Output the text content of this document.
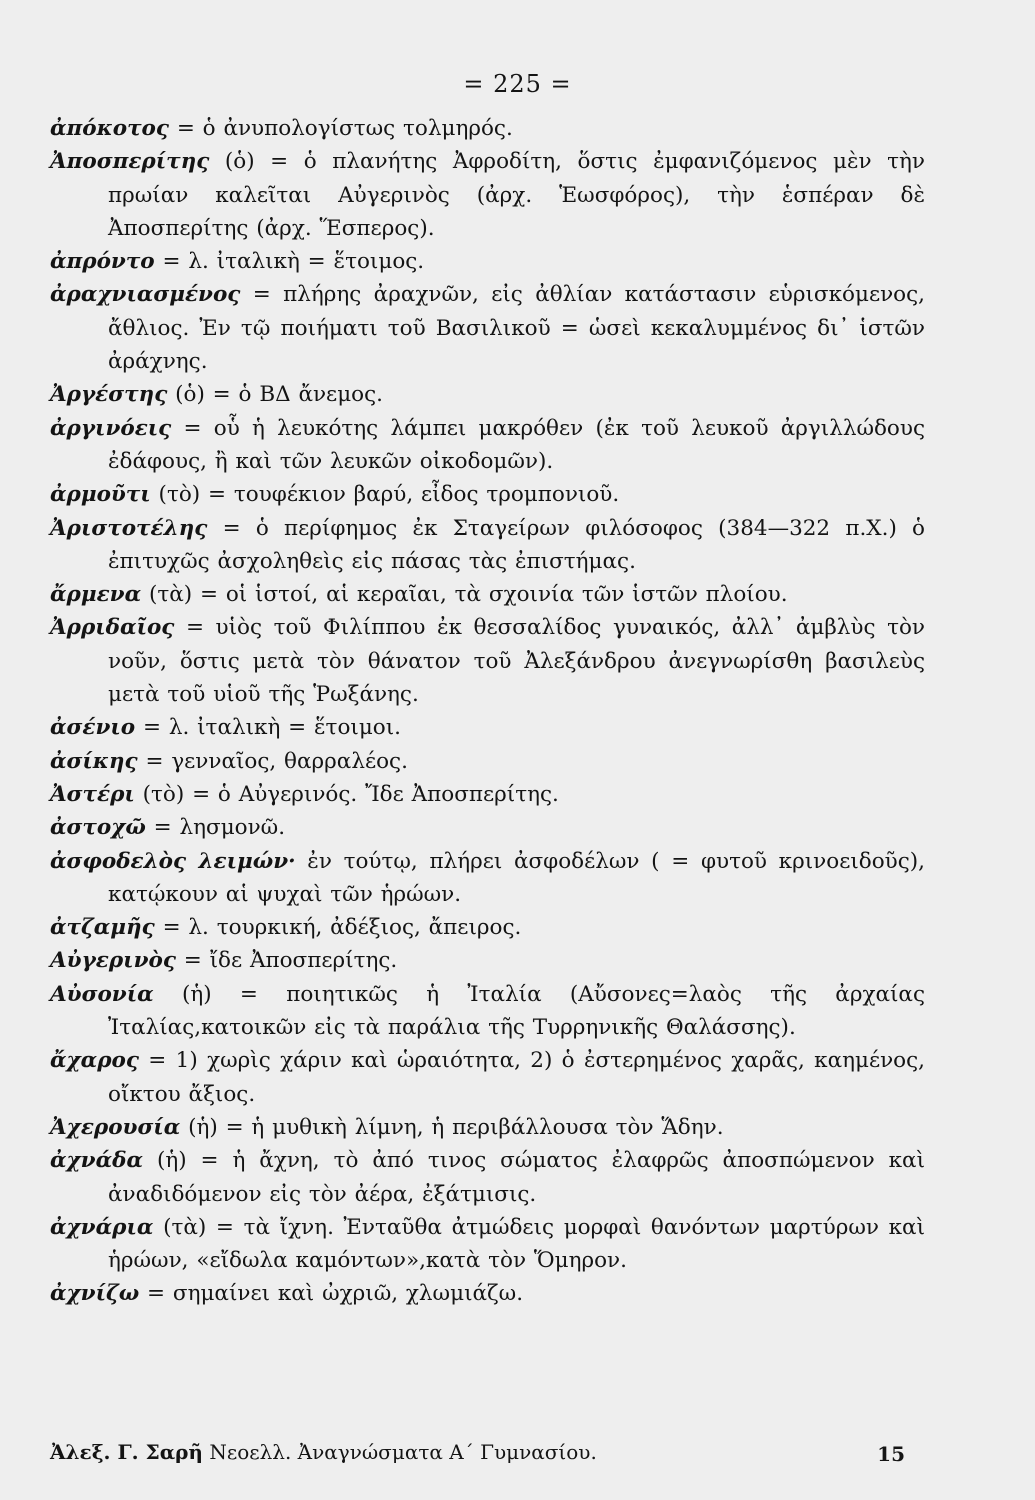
= 225 =
ἀπόκοτος = ὁ ἀνυπολογίστως τολμηρός.
Ἀποσπερίτης (ὁ) = ὁ πλανήτης Ἀφροδίτη, ὅστις ἐμφανιζόμενος μὲν τὴν πρωίαν καλεῖται Αὐγερινὸς (ἀρχ. Ἑωσφόρος), τὴν ἑσπέραν δὲ Ἀποσπερίτης (ἀρχ. Ἕσπερος).
ἀπρόντο = λ. ἰταλικὴ = ἕτοιμος.
ἀραχνιασμένος = πλήρης ἀραχνῶν, εἰς ἀθλίαν κατάστασιν εὑρισκόμενος, ἄθλιος. Ἐν τῷ ποιήματι τοῦ Βασιλικοῦ = ὡσεὶ κεκαλυμμένος δι᾽ ἱστῶν ἀράχνης.
Ἀργέστης (ὁ) = ὁ ΒΔ ἄνεμος.
ἀργινόεις = οὗ ἡ λευκότης λάμπει μακρόθεν (ἐκ τοῦ λευκοῦ ἀργιλλώδους ἐδάφους, ἢ καὶ τῶν λευκῶν οἰκοδομῶν).
ἀρμοῦτι (τὸ) = τουφέκιον βαρύ, εἶδος τρομπονιοῦ.
Ἀριστοτέλης = ὁ περίφημος ἐκ Σταγείρων φιλόσοφος (384—322 π.Χ.) ὁ ἐπιτυχῶς ἀσχοληθεὶς εἰς πάσας τὰς ἐπιστήμας.
ἄρμενα (τὰ) = οἱ ἱστοί, αἱ κεραῖαι, τὰ σχοινία τῶν ἱστῶν πλοίου.
Ἀρριδαῖος = υἱὸς τοῦ Φιλίππου ἐκ θεσσαλίδος γυναικός, ἀλλ᾽ ἀμβλὺς τὸν νοῦν, ὅστις μετὰ τὸν θάνατον τοῦ Ἀλεξάνδρου ἀνεγνωρίσθη βασιλεὺς μετὰ τοῦ υἱοῦ τῆς Ῥωξάνης.
ἀσένιο = λ. ἰταλικὴ = ἕτοιμοι.
ἀσίκης = γενναῖος, θαρραλέος.
Ἀστέρι (τὸ) = ὁ Αὐγερινός. Ἴδε Ἀποσπερίτης.
ἀστοχῶ = λησμονῶ.
ἀσφοδελὸς λειμών· ἐν τούτῳ, πλήρει ἀσφοδέλων ( = φυτοῦ κρινοειδοῦς), κατῴκουν αἱ ψυχαὶ τῶν ἡρώων.
ἀτζαμῆς = λ. τουρκική, ἀδέξιος, ἄπειρος.
Αὐγερινὸς = ἴδε Ἀποσπερίτης.
Αὐσονία (ἡ) = ποιητικῶς ἡ Ἰταλία (Αὔσονες=λαὸς τῆς ἀρχαίας Ἰταλίας,κατοικῶν εἰς τὰ παράλια τῆς Τυρρηνικῆς Θαλάσσης).
ἄχαρος = 1) χωρὶς χάριν καὶ ὡραιότητα, 2) ὁ ἐστερημένος χαρᾶς, καημένος, οἴκτου ἄξιος.
Ἀχερουσία (ἡ) = ἡ μυθικὴ λίμνη, ἡ περιβάλλουσα τὸν Ἅδην.
ἀχνάδα (ἡ) = ἡ ἄχνη, τὸ ἀπό τινος σώματος ἐλαφρῶς ἀποσπώμενον καὶ ἀναδιδόμενον εἰς τὸν ἀέρα, ἐξάτμισις.
ἀχνάρια (τὰ) = τὰ ἴχνη. Ἐνταῦθα ἀτμώδεις μορφαὶ θανόντων μαρτύρων καὶ ἡρώων, «εἴδωλα καμόντων»,κατὰ τὸν Ὅμηρον.
ἀχνίζω = σημαίνει καὶ ὠχριῶ, χλωμιάζω.
Ἀλεξ. Γ. Σαρῆ Νεοελλ. Ἀναγνώσματα Α΄ Γυμνασίου.	15
